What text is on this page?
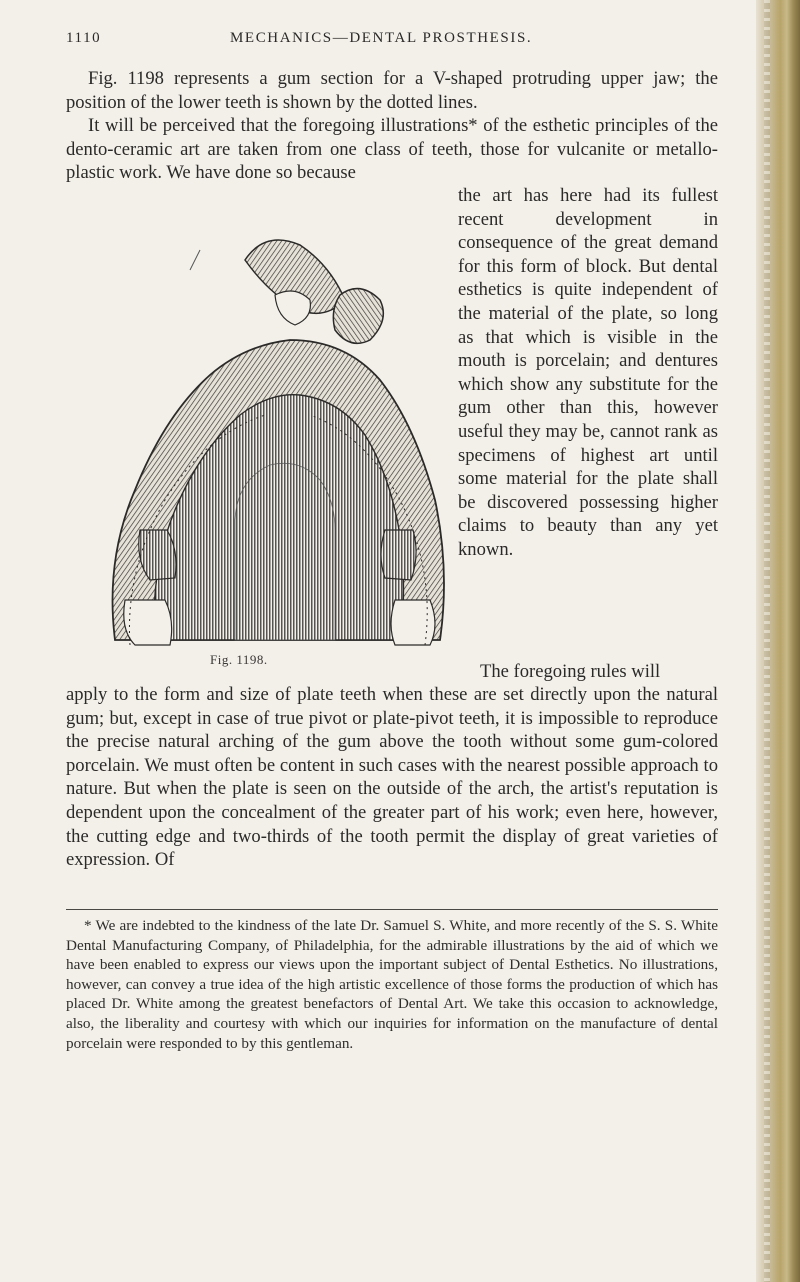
1110	MECHANICS—DENTAL PROSTHESIS.

Fig. 1198 represents a gum section for a V-shaped protruding upper jaw; the position of the lower teeth is shown by the dotted lines.

It will be perceived that the foregoing illustrations* of the esthetic principles of the dento-ceramic art are taken from one class of teeth, those for vulcanite or metallo-plastic work. We have done so because

the art has here had its fullest recent development in consequence of the great demand for this form of block. But dental esthetics is quite independent of the material of the plate, so long as that which is visible in the mouth is porcelain; and dentures which show any substitute for the gum other than this, however useful they may be, cannot rank as specimens of highest art until some material for the plate shall be discovered possessing higher claims to beauty than any yet known.

The foregoing rules will

apply to the form and size of plate teeth when these are set directly upon the natural gum; but, except in case of true pivot or plate-pivot teeth, it is impossible to reproduce the precise natural arching of the gum above the tooth without some gum-colored porcelain. We must often be content in such cases with the nearest possible approach to nature. But when the plate is seen on the outside of the arch, the artist's reputation is dependent upon the concealment of the greater part of his work; even here, however, the cutting edge and two-thirds of the tooth permit the display of great varieties of expression. Of

Fig. 1198.

* We are indebted to the kindness of the late Dr. Samuel S. White, and more recently of the S. S. White Dental Manufacturing Company, of Philadelphia, for the admirable illustrations by the aid of which we have been enabled to express our views upon the important subject of Dental Esthetics. No illustrations, however, can convey a true idea of the high artistic excellence of those forms the production of which has placed Dr. White among the greatest benefactors of Dental Art. We take this occasion to acknowledge, also, the liberality and courtesy with which our inquiries for information on the manufacture of dental porcelain were responded to by this gentleman.
